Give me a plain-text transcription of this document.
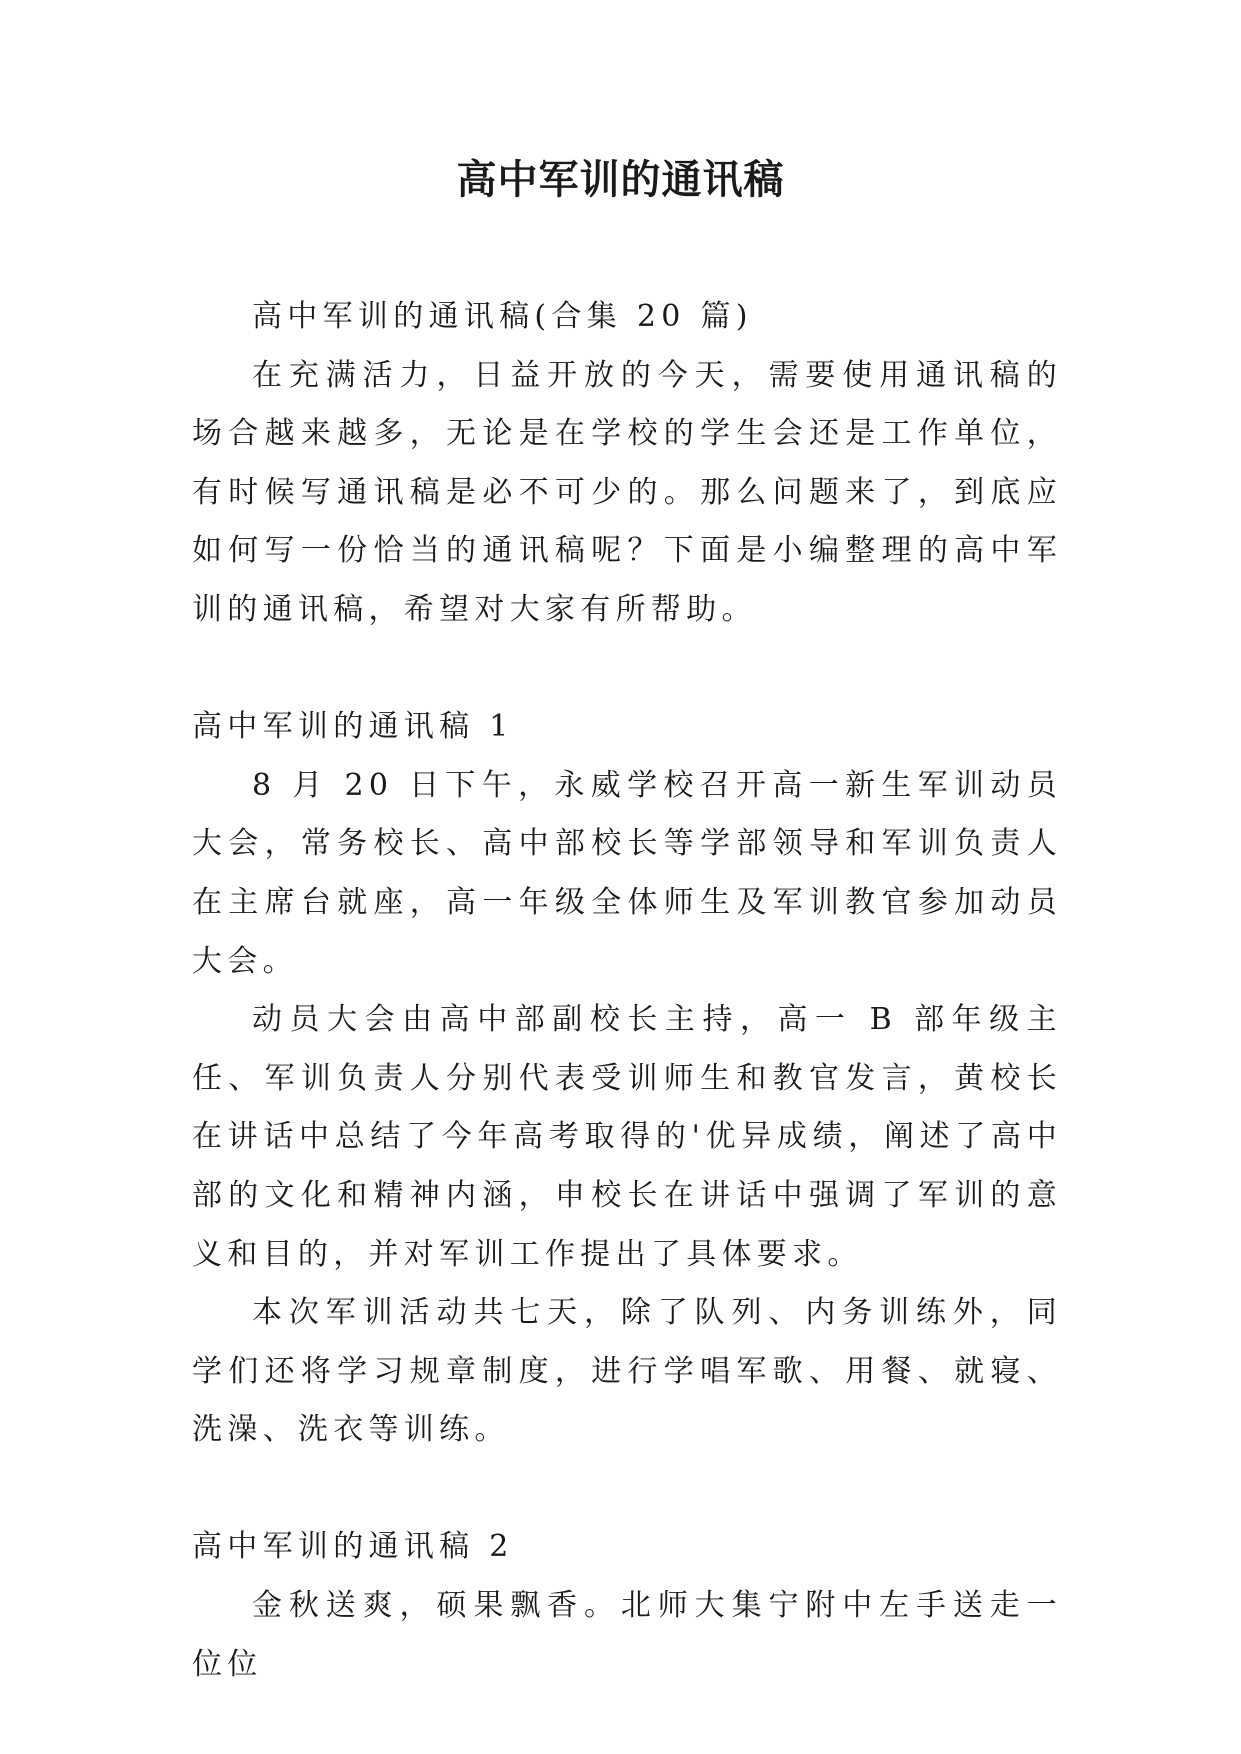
高中军训的通讯稿

高中军训的通讯稿(合集 20 篇)

在充满活力，日益开放的今天，需要使用通讯稿的场合越来越多，无论是在学校的学生会还是工作单位，有时候写通讯稿是必不可少的。那么问题来了，到底应如何写一份恰当的通讯稿呢？下面是小编整理的高中军训的通讯稿，希望对大家有所帮助。

高中军训的通讯稿 1

8 月 20 日下午，永威学校召开高一新生军训动员大会，常务校长、高中部校长等学部领导和军训负责人在主席台就座，高一年级全体师生及军训教官参加动员大会。

动员大会由高中部副校长主持，高一 B 部年级主任、军训负责人分别代表受训师生和教官发言，黄校长在讲话中总结了今年高考取得的'优异成绩，阐述了高中部的文化和精神内涵，申校长在讲话中强调了军训的意义和目的，并对军训工作提出了具体要求。

本次军训活动共七天，除了队列、内务训练外，同学们还将学习规章制度，进行学唱军歌、用餐、就寝、洗澡、洗衣等训练。

高中军训的通讯稿 2

金秋送爽，硕果飘香。北师大集宁附中左手送走一位位
